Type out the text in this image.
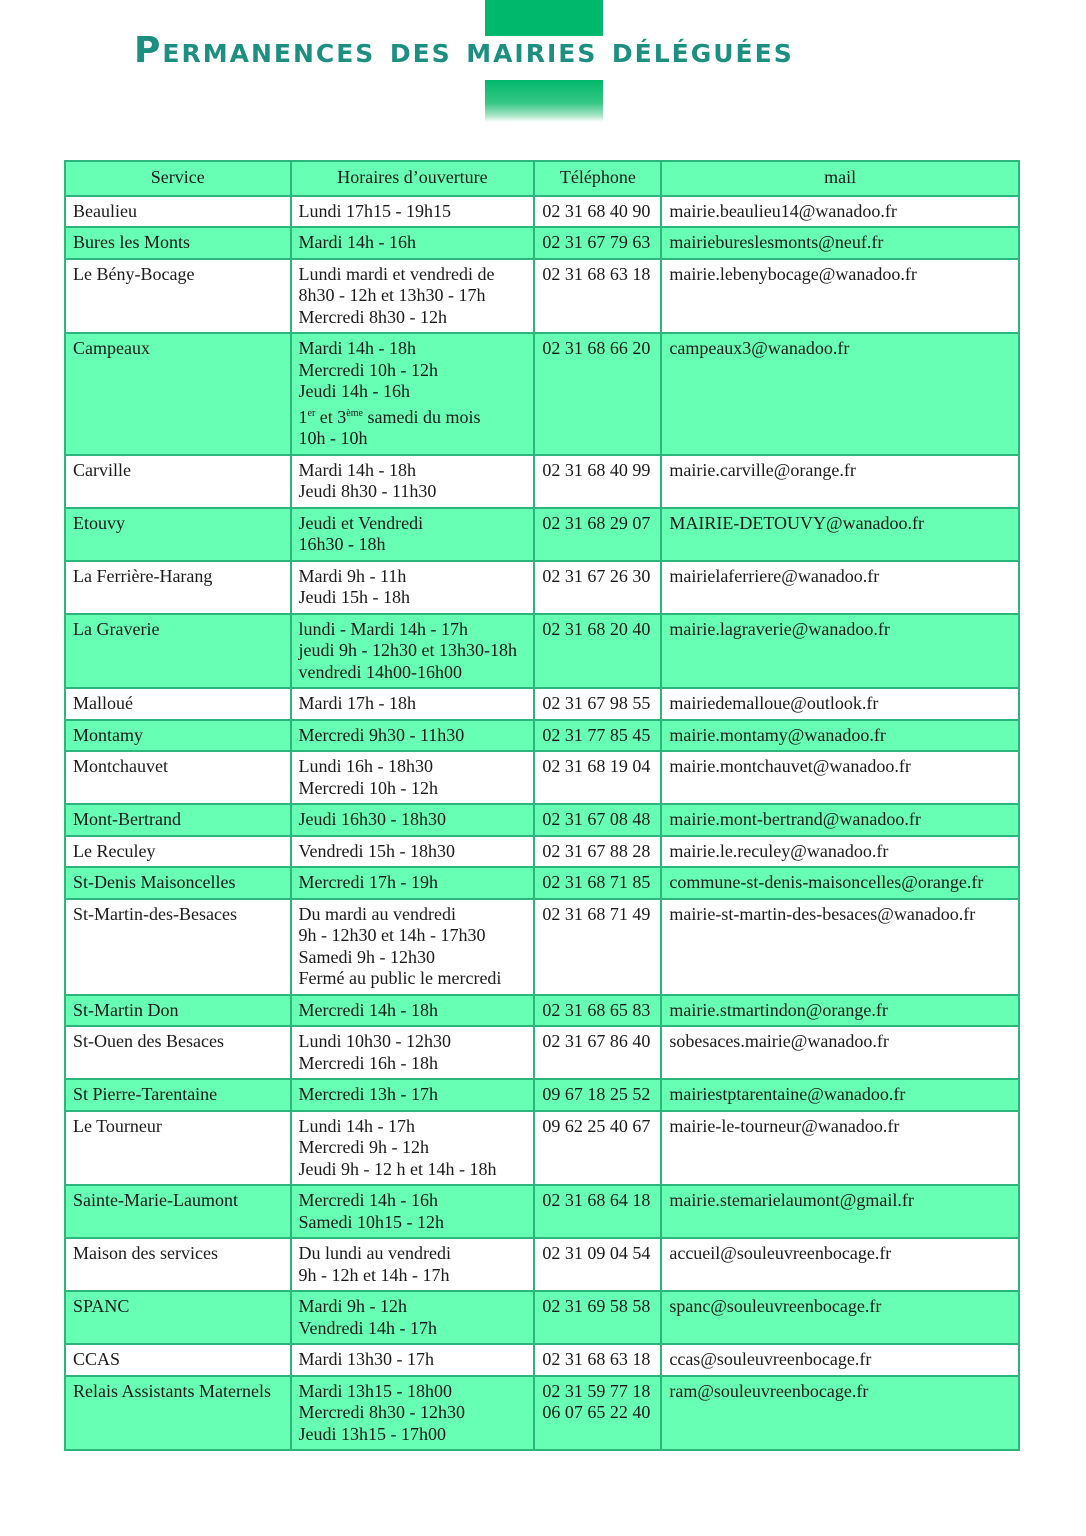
Permanences des mairies déléguées
Service	Horaires d’ouverture	Téléphone	mail
Beaulieu	Lundi 17h15 - 19h15	02 31 68 40 90	mairie.beaulieu14@wanadoo.fr
Bures les Monts	Mardi 14h - 16h	02 31 67 79 63	mairiebureslesmonts@neuf.fr
Le Bény-Bocage	Lundi mardi et vendredi de
8h30 - 12h et 13h30 - 17h
Mercredi 8h30 - 12h	02 31 68 63 18	mairie.lebenybocage@wanadoo.fr
Campeaux	Mardi 14h - 18h
Mercredi 10h - 12h
Jeudi 14h - 16h
1er et 3ème samedi du mois
10h - 10h	02 31 68 66 20	campeaux3@wanadoo.fr
Carville	Mardi 14h - 18h
Jeudi 8h30 - 11h30	02 31 68 40 99	mairie.carville@orange.fr
Etouvy	Jeudi et Vendredi
16h30 - 18h	02 31 68 29 07	MAIRIE-DETOUVY@wanadoo.fr
La Ferrière-Harang	Mardi 9h - 11h
Jeudi 15h - 18h	02 31 67 26 30	mairielaferriere@wanadoo.fr
La Graverie	lundi - Mardi 14h - 17h
jeudi 9h - 12h30 et 13h30-18h
vendredi 14h00-16h00	02 31 68 20 40	mairie.lagraverie@wanadoo.fr
Malloué	Mardi 17h - 18h	02 31 67 98 55	mairiedemalloue@outlook.fr
Montamy	Mercredi 9h30 - 11h30	02 31 77 85 45	mairie.montamy@wanadoo.fr
Montchauvet	Lundi 16h - 18h30
Mercredi 10h - 12h	02 31 68 19 04	mairie.montchauvet@wanadoo.fr
Mont-Bertrand	Jeudi 16h30 - 18h30	02 31 67 08 48	mairie.mont-bertrand@wanadoo.fr
Le Reculey	Vendredi 15h - 18h30	02 31 67 88 28	mairie.le.reculey@wanadoo.fr
St-Denis Maisoncelles	Mercredi 17h - 19h	02 31 68 71 85	commune-st-denis-maisoncelles@orange.fr
St-Martin-des-Besaces	Du mardi au vendredi
9h - 12h30 et 14h - 17h30
Samedi 9h - 12h30
Fermé au public le mercredi	02 31 68 71 49	mairie-st-martin-des-besaces@wanadoo.fr
St-Martin Don	Mercredi 14h - 18h	02 31 68 65 83	mairie.stmartindon@orange.fr
St-Ouen des Besaces	Lundi 10h30 - 12h30
Mercredi 16h - 18h	02 31 67 86 40	sobesaces.mairie@wanadoo.fr
St Pierre-Tarentaine	Mercredi 13h - 17h	09 67 18 25 52	mairiestptarentaine@wanadoo.fr
Le Tourneur	Lundi 14h - 17h
Mercredi 9h - 12h
Jeudi 9h - 12 h et 14h - 18h	09 62 25 40 67	mairie-le-tourneur@wanadoo.fr
Sainte-Marie-Laumont	Mercredi 14h - 16h
Samedi 10h15 - 12h	02 31 68 64 18	mairie.stemarielaumont@gmail.fr
Maison des services	Du lundi au vendredi
9h - 12h et 14h - 17h	02 31 09 04 54	accueil@souleuvreenbocage.fr
SPANC	Mardi 9h - 12h
Vendredi 14h - 17h	02 31 69 58 58	spanc@souleuvreenbocage.fr
CCAS	Mardi 13h30 - 17h	02 31 68 63 18	ccas@souleuvreenbocage.fr
Relais Assistants Maternels	Mardi 13h15 - 18h00
Mercredi 8h30 - 12h30
Jeudi 13h15 - 17h00	02 31 59 77 18
06 07 65 22 40	ram@souleuvreenbocage.fr
